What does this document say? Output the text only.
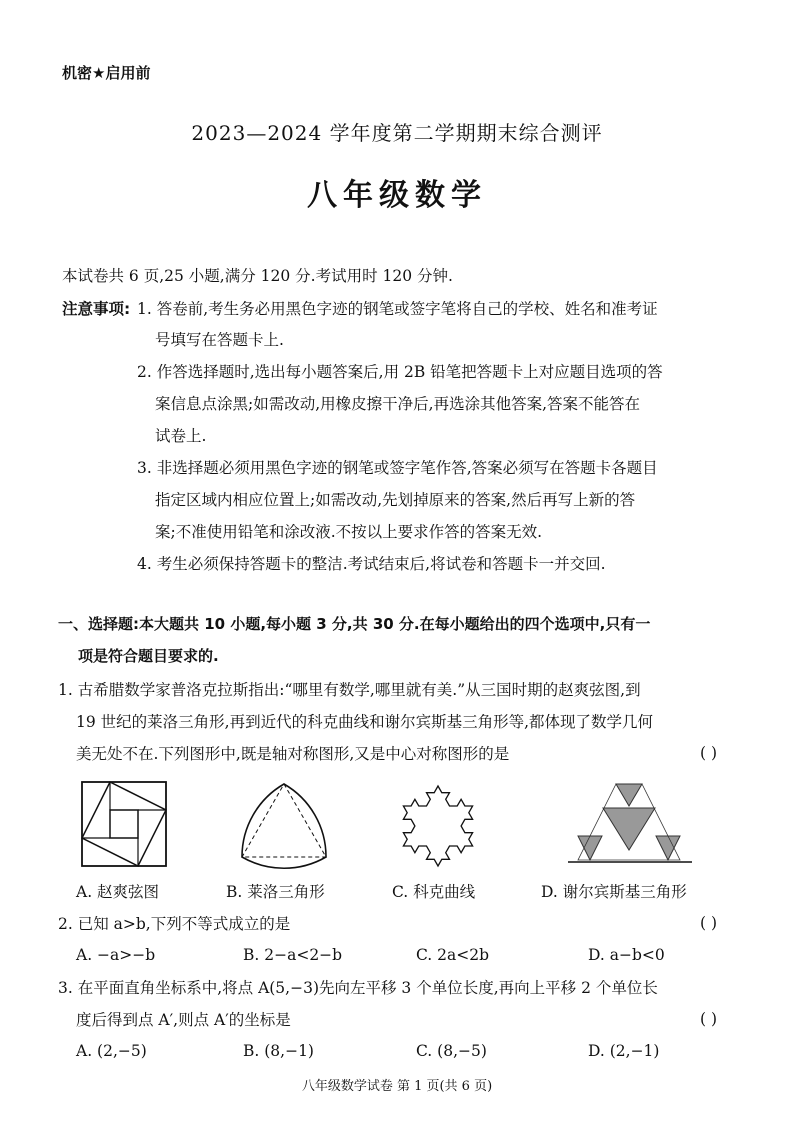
机密★启用前
2023—2024 学年度第二学期期末综合测评
八年级数学
本试卷共 6 页,25 小题,满分 120 分.考试用时 120 分钟.
注意事项: 1. 答卷前,考生务必用黑色字迹的钢笔或签字笔将自己的学校、姓名和准考证
号填写在答题卡上.
2. 作答选择题时,选出每小题答案后,用 2B 铅笔把答题卡上对应题目选项的答
案信息点涂黑;如需改动,用橡皮擦干净后,再选涂其他答案,答案不能答在
试卷上.
3. 非选择题必须用黑色字迹的钢笔或签字笔作答,答案必须写在答题卡各题目
指定区域内相应位置上;如需改动,先划掉原来的答案,然后再写上新的答
案;不准使用铅笔和涂改液.不按以上要求作答的答案无效.
4. 考生必须保持答题卡的整洁.考试结束后,将试卷和答题卡一并交回.
一、选择题:本大题共 10 小题,每小题 3 分,共 30 分.在每小题给出的四个选项中,只有一
项是符合题目要求的.
1. 古希腊数学家普洛克拉斯指出:“哪里有数学,哪里就有美.”从三国时期的赵爽弦图,到
19 世纪的莱洛三角形,再到近代的科克曲线和谢尔宾斯基三角形等,都体现了数学几何
美无处不在.下列图形中,既是轴对称图形,又是中心对称图形的是	( )
A. 赵爽弦图	B. 莱洛三角形	C. 科克曲线	D. 谢尔宾斯基三角形
2. 已知 a>b,下列不等式成立的是	( )
A. −a>−b	B. 2−a<2−b	C. 2a<2b	D. a−b<0
3. 在平面直角坐标系中,将点 A(5,−3)先向左平移 3 个单位长度,再向上平移 2 个单位长
度后得到点 A′,则点 A′的坐标是	( )
A. (2,−5)	B. (8,−1)	C. (8,−5)	D. (2,−1)
八年级数学试卷 第 1 页(共 6 页)
